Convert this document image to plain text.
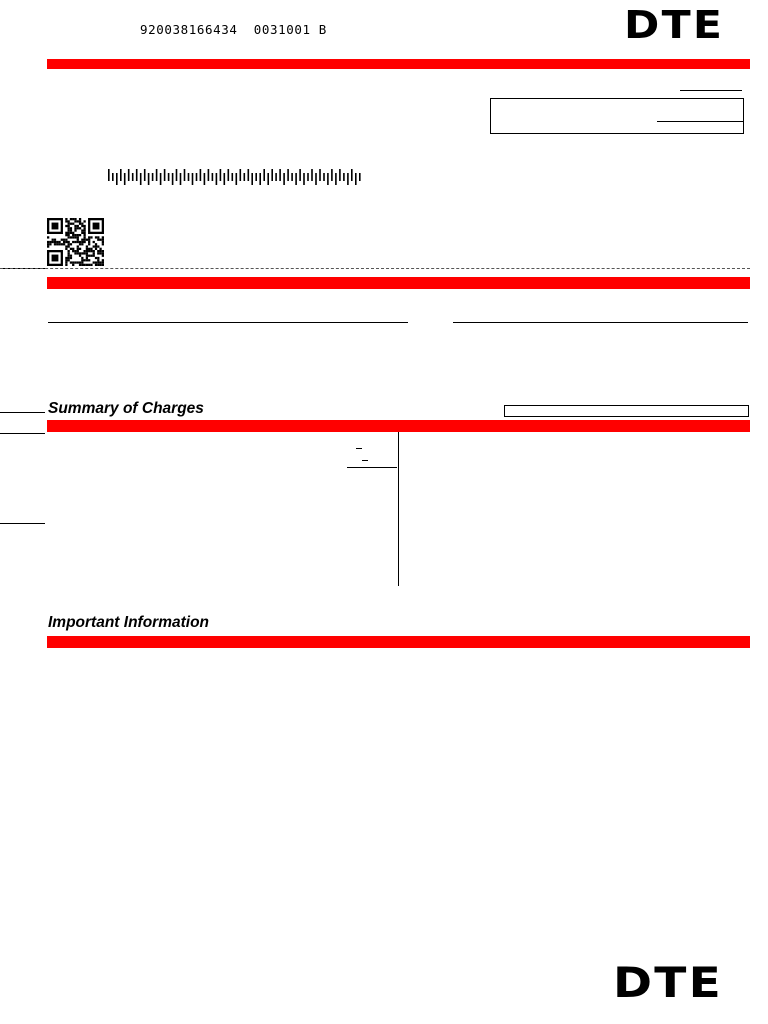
920038166434  0031001 B	DTE
Summary of Charges
Important Information
DTE
